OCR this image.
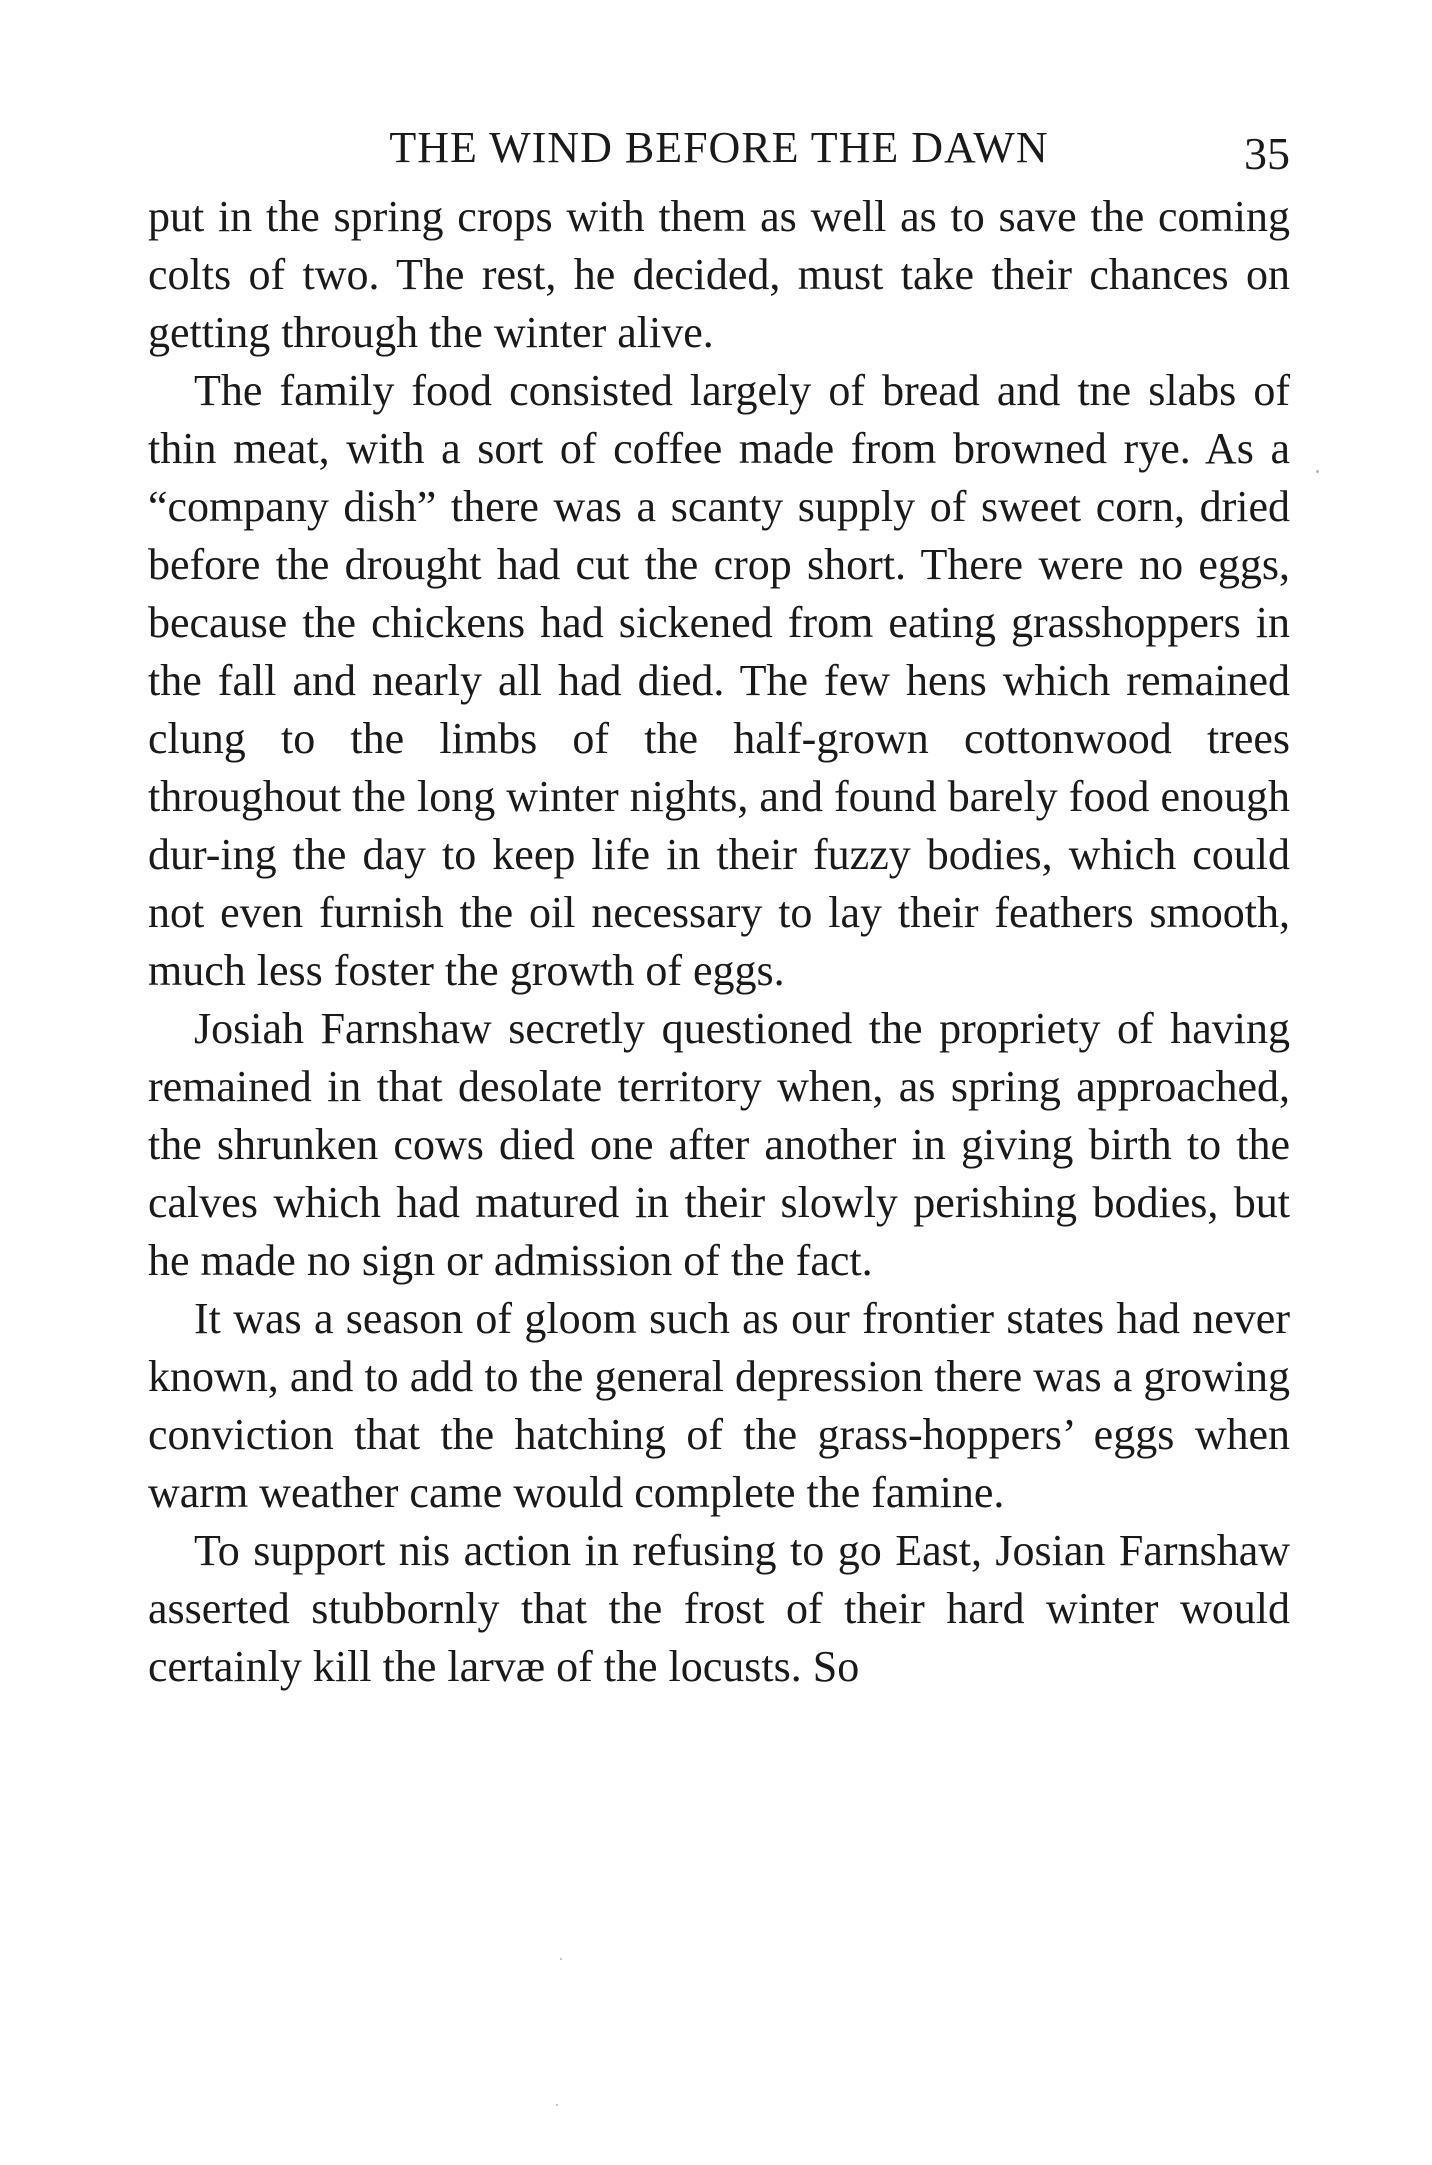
THE WIND BEFORE THE DAWN	35

put in the spring crops with them as well as to save the coming colts of two. The rest, he decided, must take their chances on getting through the winter alive.

The family food consisted largely of bread and tne slabs of thin meat, with a sort of coffee made from browned rye. As a “company dish” there was a scanty supply of sweet corn, dried before the drought had cut the crop short. There were no eggs, because the chickens had sickened from eating grasshoppers in the fall and nearly all had died. The few hens which remained clung to the limbs of the half-grown cottonwood trees throughout the long winter nights, and found barely food enough dur-ing the day to keep life in their fuzzy bodies, which could not even furnish the oil necessary to lay their feathers smooth, much less foster the growth of eggs.

Josiah Farnshaw secretly questioned the propriety of having remained in that desolate territory when, as spring approached, the shrunken cows died one after another in giving birth to the calves which had matured in their slowly perishing bodies, but he made no sign or admission of the fact.

It was a season of gloom such as our frontier states had never known, and to add to the general depression there was a growing conviction that the hatching of the grass-hoppers’ eggs when warm weather came would complete the famine.

To support nis action in refusing to go East, Josian Farnshaw asserted stubbornly that the frost of their hard winter would certainly kill the larvæ of the locusts. So
